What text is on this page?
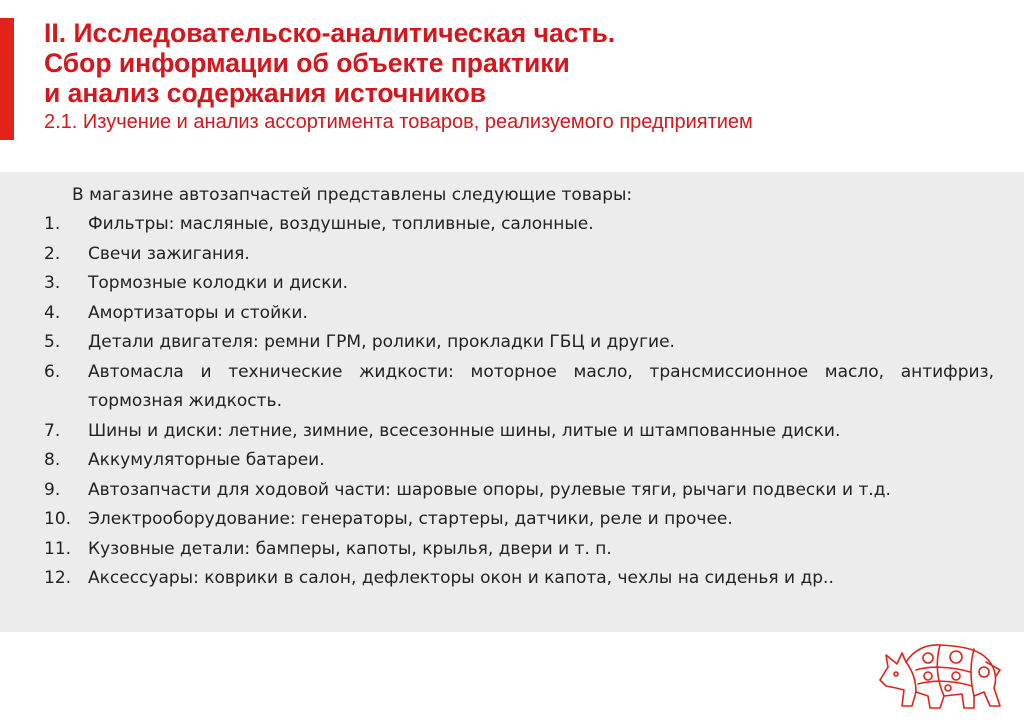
II. Исследовательско-аналитическая часть.
Сбор информации об объекте практики
и анализ содержания источников
2.1. Изучение и анализ ассортимента товаров, реализуемого предприятием

В магазине автозапчастей представлены следующие товары:

1.	Фильтры: масляные, воздушные, топливные, салонные.
2.	Свечи зажигания.
3.	Тормозные колодки и диски.
4.	Амортизаторы и стойки.
5.	Детали двигателя: ремни ГРМ, ролики, прокладки ГБЦ и другие.
6.	Автомасла и технические жидкости: моторное масло, трансмиссионное масло, антифриз, тормозная жидкость.
7.	Шины и диски: летние, зимние, всесезонные шины, литые и штампованные диски.
8.	Аккумуляторные батареи.
9.	Автозапчасти для ходовой части: шаровые опоры, рулевые тяги, рычаги подвески и т.д.
10. Электрооборудование: генераторы, стартеры, датчики, реле и прочее.
11. Кузовные детали: бамперы, капоты, крылья, двери и т. п.
12. Аксессуары: коврики в салон, дефлекторы окон и капота, чехлы на сиденья и др..
